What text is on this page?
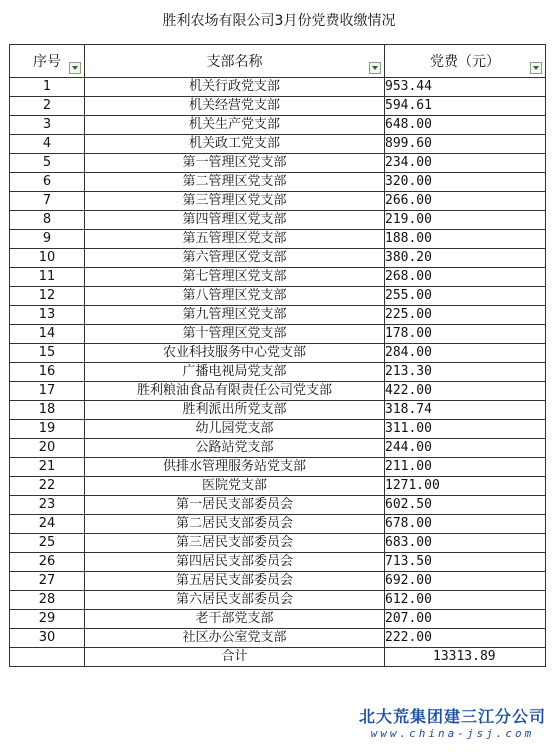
胜利农场有限公司3月份党费收缴情况
序号	支部名称	党费（元）

1	机关行政党支部	953.44
2	机关经营党支部	594.61
3	机关生产党支部	648.00
4	机关政工党支部	899.60
5	第一管理区党支部	234.00
6	第二管理区党支部	320.00
7	第三管理区党支部	266.00
8	第四管理区党支部	219.00
9	第五管理区党支部	188.00
10	第六管理区党支部	380.20
11	第七管理区党支部	268.00
12	第八管理区党支部	255.00
13	第九管理区党支部	225.00
14	第十管理区党支部	178.00
15	农业科技服务中心党支部	284.00
16	广播电视局党支部	213.30
17	胜利粮油食品有限责任公司党支部	422.00
18	胜利派出所党支部	318.74
19	幼儿园党支部	311.00
20	公路站党支部	244.00
21	供排水管理服务站党支部	211.00
22	医院党支部	1271.00
23	第一居民支部委员会	602.50
24	第二居民支部委员会	678.00
25	第三居民支部委员会	683.00
26	第四居民支部委员会	713.50
27	第五居民支部委员会	692.00
28	第六居民支部委员会	612.00
29	老干部党支部	207.00
30	社区办公室党支部	222.00
	合计	13313.89
北大荒集团建三江分公司
www.china-jsj.com
